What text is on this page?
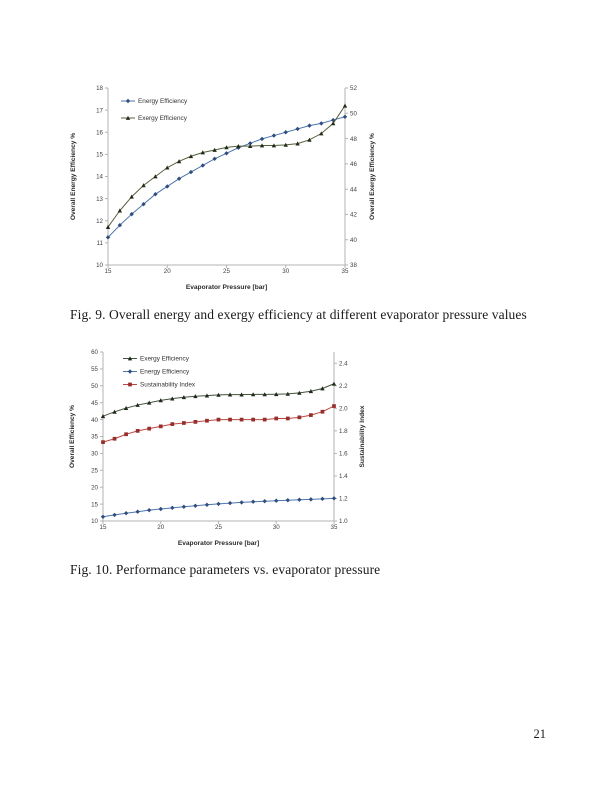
10
11
12
13
14
15
16
17
18
38
40
42
44
46
48
50
52
15	20	25	30	35
Overall Energy Efficiency %	Overall Exergy Efficiency %
Evaporator Pressure [bar]
Energy Efficiency
Exergy Efficiency
Fig. 9. Overall energy and exergy efficiency at different evaporator pressure values
10
15
20
25
30
35
40
45
50
55
60
1.0
1.2
1.4
1.6
1.8
2.0
2.2
2.4
15	20	25	30	35
Overall Efficiency %	Sustainability Index
Evaporator Pressure [bar]
Exergy Efficiency
Energy Efficiency
Sustainability Index
Fig. 10. Performance parameters vs. evaporator pressure
21
